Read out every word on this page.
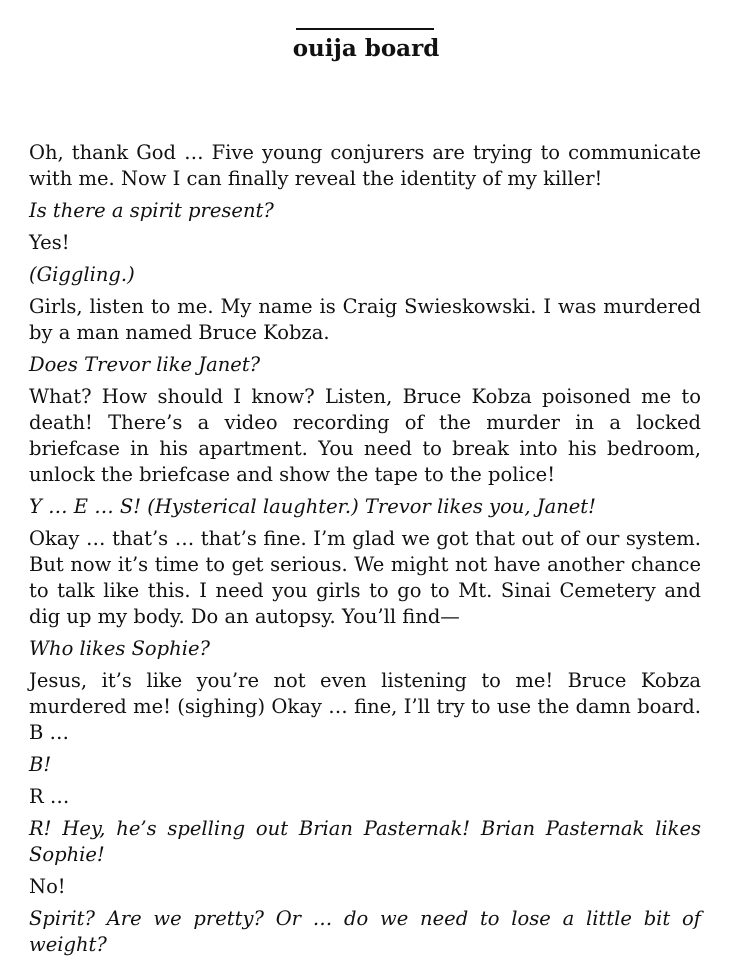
ouija board

Oh, thank God … Five young conjurers are trying to communicate with me. Now I can finally reveal the identity of my killer!

Is there a spirit present?

Yes!

(Giggling.)

Girls, listen to me. My name is Craig Swieskowski. I was murdered by a man named Bruce Kobza.

Does Trevor like Janet?

What? How should I know? Listen, Bruce Kobza poisoned me to death! There’s a video recording of the murder in a locked briefcase in his apartment. You need to break into his bedroom, unlock the briefcase and show the tape to the police!

Y … E … S! (Hysterical laughter.) Trevor likes you, Janet!

Okay … that’s … that’s fine. I’m glad we got that out of our system. But now it’s time to get serious. We might not have another chance to talk like this. I need you girls to go to Mt. Sinai Cemetery and dig up my body. Do an autopsy. You’ll find—

Who likes Sophie?

Jesus, it’s like you’re not even listening to me! Bruce Kobza murdered me! (sighing) Okay … fine, I’ll try to use the damn board. B …

B!

R …

R! Hey, he’s spelling out Brian Pasternak! Brian Pasternak likes Sophie!

No!

Spirit? Are we pretty? Or … do we need to lose a little bit of weight?
